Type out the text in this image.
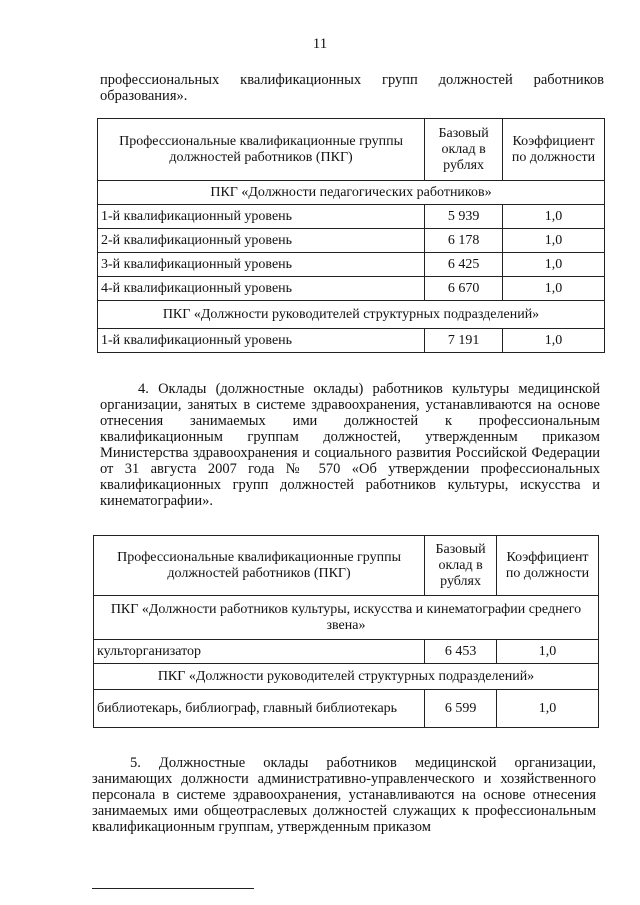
11

профессиональных квалификационных групп должностей работников образования».

Профессиональные квалификационные группы должностей работников (ПКГ)	Базовый оклад в рублях	Коэффициент по должности
ПКГ «Должности педагогических работников»		
1-й квалификационный уровень	5 939	1,0
2-й квалификационный уровень	6 178	1,0
3-й квалификационный уровень	6 425	1,0
4-й квалификационный уровень	6 670	1,0
ПКГ «Должности руководителей структурных подразделений»		
1-й квалификационный уровень	7 191	1,0

4. Оклады (должностные оклады) работников культуры медицинской организации, занятых в системе здравоохранения, устанавливаются на основе отнесения занимаемых ими должностей к профессиональным квалификационным группам должностей, утвержденным приказом Министерства здравоохранения и социального развития Российской Федерации от 31 августа 2007 года № 570 «Об утверждении профессиональных квалификационных групп должностей работников культуры, искусства и кинематографии».

Профессиональные квалификационные группы должностей работников (ПКГ)	Базовый оклад в рублях	Коэффициент по должности
ПКГ «Должности работников культуры, искусства и кинематографии среднего звена»		
культорганизатор	6 453	1,0
ПКГ «Должности руководителей структурных подразделений»		
библиотекарь, библиограф, главный библиотекарь	6 599	1,0

5. Должностные оклады работников медицинской организации, занимающих должности административно-управленческого и хозяйственного персонала в системе здравоохранения, устанавливаются на основе отнесения занимаемых ими общеотраслевых должностей служащих к профессиональным квалификационным группам, утвержденным приказом
